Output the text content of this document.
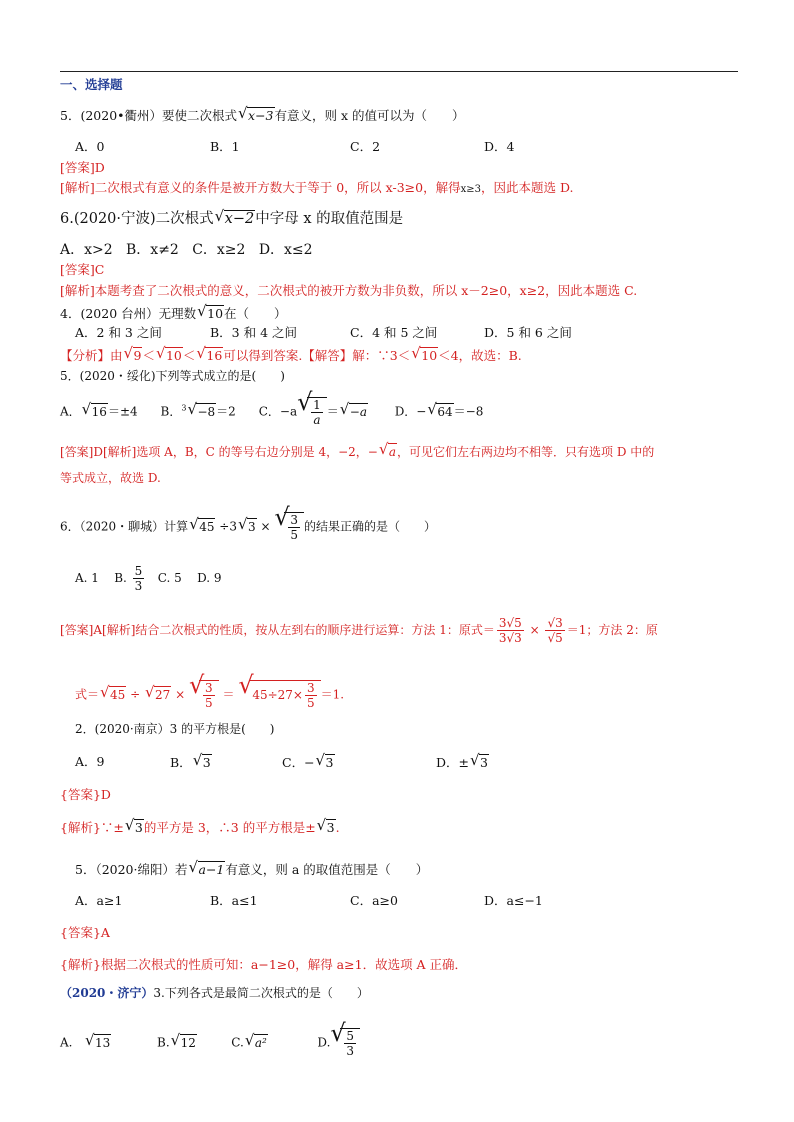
一、选择题
5．(2020•衢州）要使二次根式 √ x−3有意义，则 x 的值可以为（　　）
A．0	B．1	C．2	D．4
[答案]D
[解析]二次根式有意义的条件是被开方数大于等于 0，所以 x-3≥0，解得x≥3，因此本题选 D.
6.(2020·宁波)二次根式 √ x−2中字母 x 的取值范围是
A．x>2 B．x≠2 C．x≥2 D．x≤2
[答案]C
[解析]本题考查了二次根式的意义，二次根式的被开方数为非负数，所以 x－2≥0，x≥2，因此本题选 C.
4．(2020 台州）无理数 √ 10在（　　）
A．2 和 3 之间	B．3 和 4 之间	C．4 和 5 之间	D．5 和 6 之间
【分析】由 √ 9＜ √ 10＜ √ 16可以得到答案.【解答】解：∵3＜ √ 10＜4，故选：B.
5．(2020・绥化)下列等式成立的是(　　)
A． √ 16＝±4 B．$^3$ √ −8＝2 C．−a √
$\frac{1}{a}$ ＝ √ −a D．− √ 64＝−8
[答案]D[解析]选项 A，B，C 的等号右边分别是 4，−2，− √ a，可见它们左右两边均不相等．只有选项 D 中的
等式成立，故选 D.
6．（2020・聊城）计算 √ 45 ÷3 √ 3 × √
$\frac{3}{5}$ 的结果正确的是（　　）
A. 1 B. $\frac{5}{3} C$. 5 D. 9
[答案]A[解析]结合二次根式的性质，按从左到右的顺序进行运算：方法 1：原式＝ $\frac{3√5}{3√3} \times \frac{√3}{√5} =1$；方法 2：原
式＝ √ 45 ÷ √ 27 × √
$\frac{3}{5}$ ＝ √
$45\div 27\times \frac{3}{5} =1$.
2．(2020·南京）3 的平方根是(　　)
A．9	B． √ 3	C．− √ 3	D．± √ 3
{答案}D
{解析}∵± √ 3的平方是 3，∴3 的平方根是± √ 3.
5．（2020·绵阳）若 √ a−1有意义，则 a 的取值范围是（　　）
A．a≥1	B．a≤1	C．a≥0	D．a≤−1
{答案}A
{解析}根据二次根式的性质可知：a−1≥0，解得 a≥1．故选项 A 正确．
（2020・济宁）3.下列各式是最简二次根式的是（　　）
A. √ 13	B. √ 12	C. √ a²	D. √
$\frac{5}{3}$
